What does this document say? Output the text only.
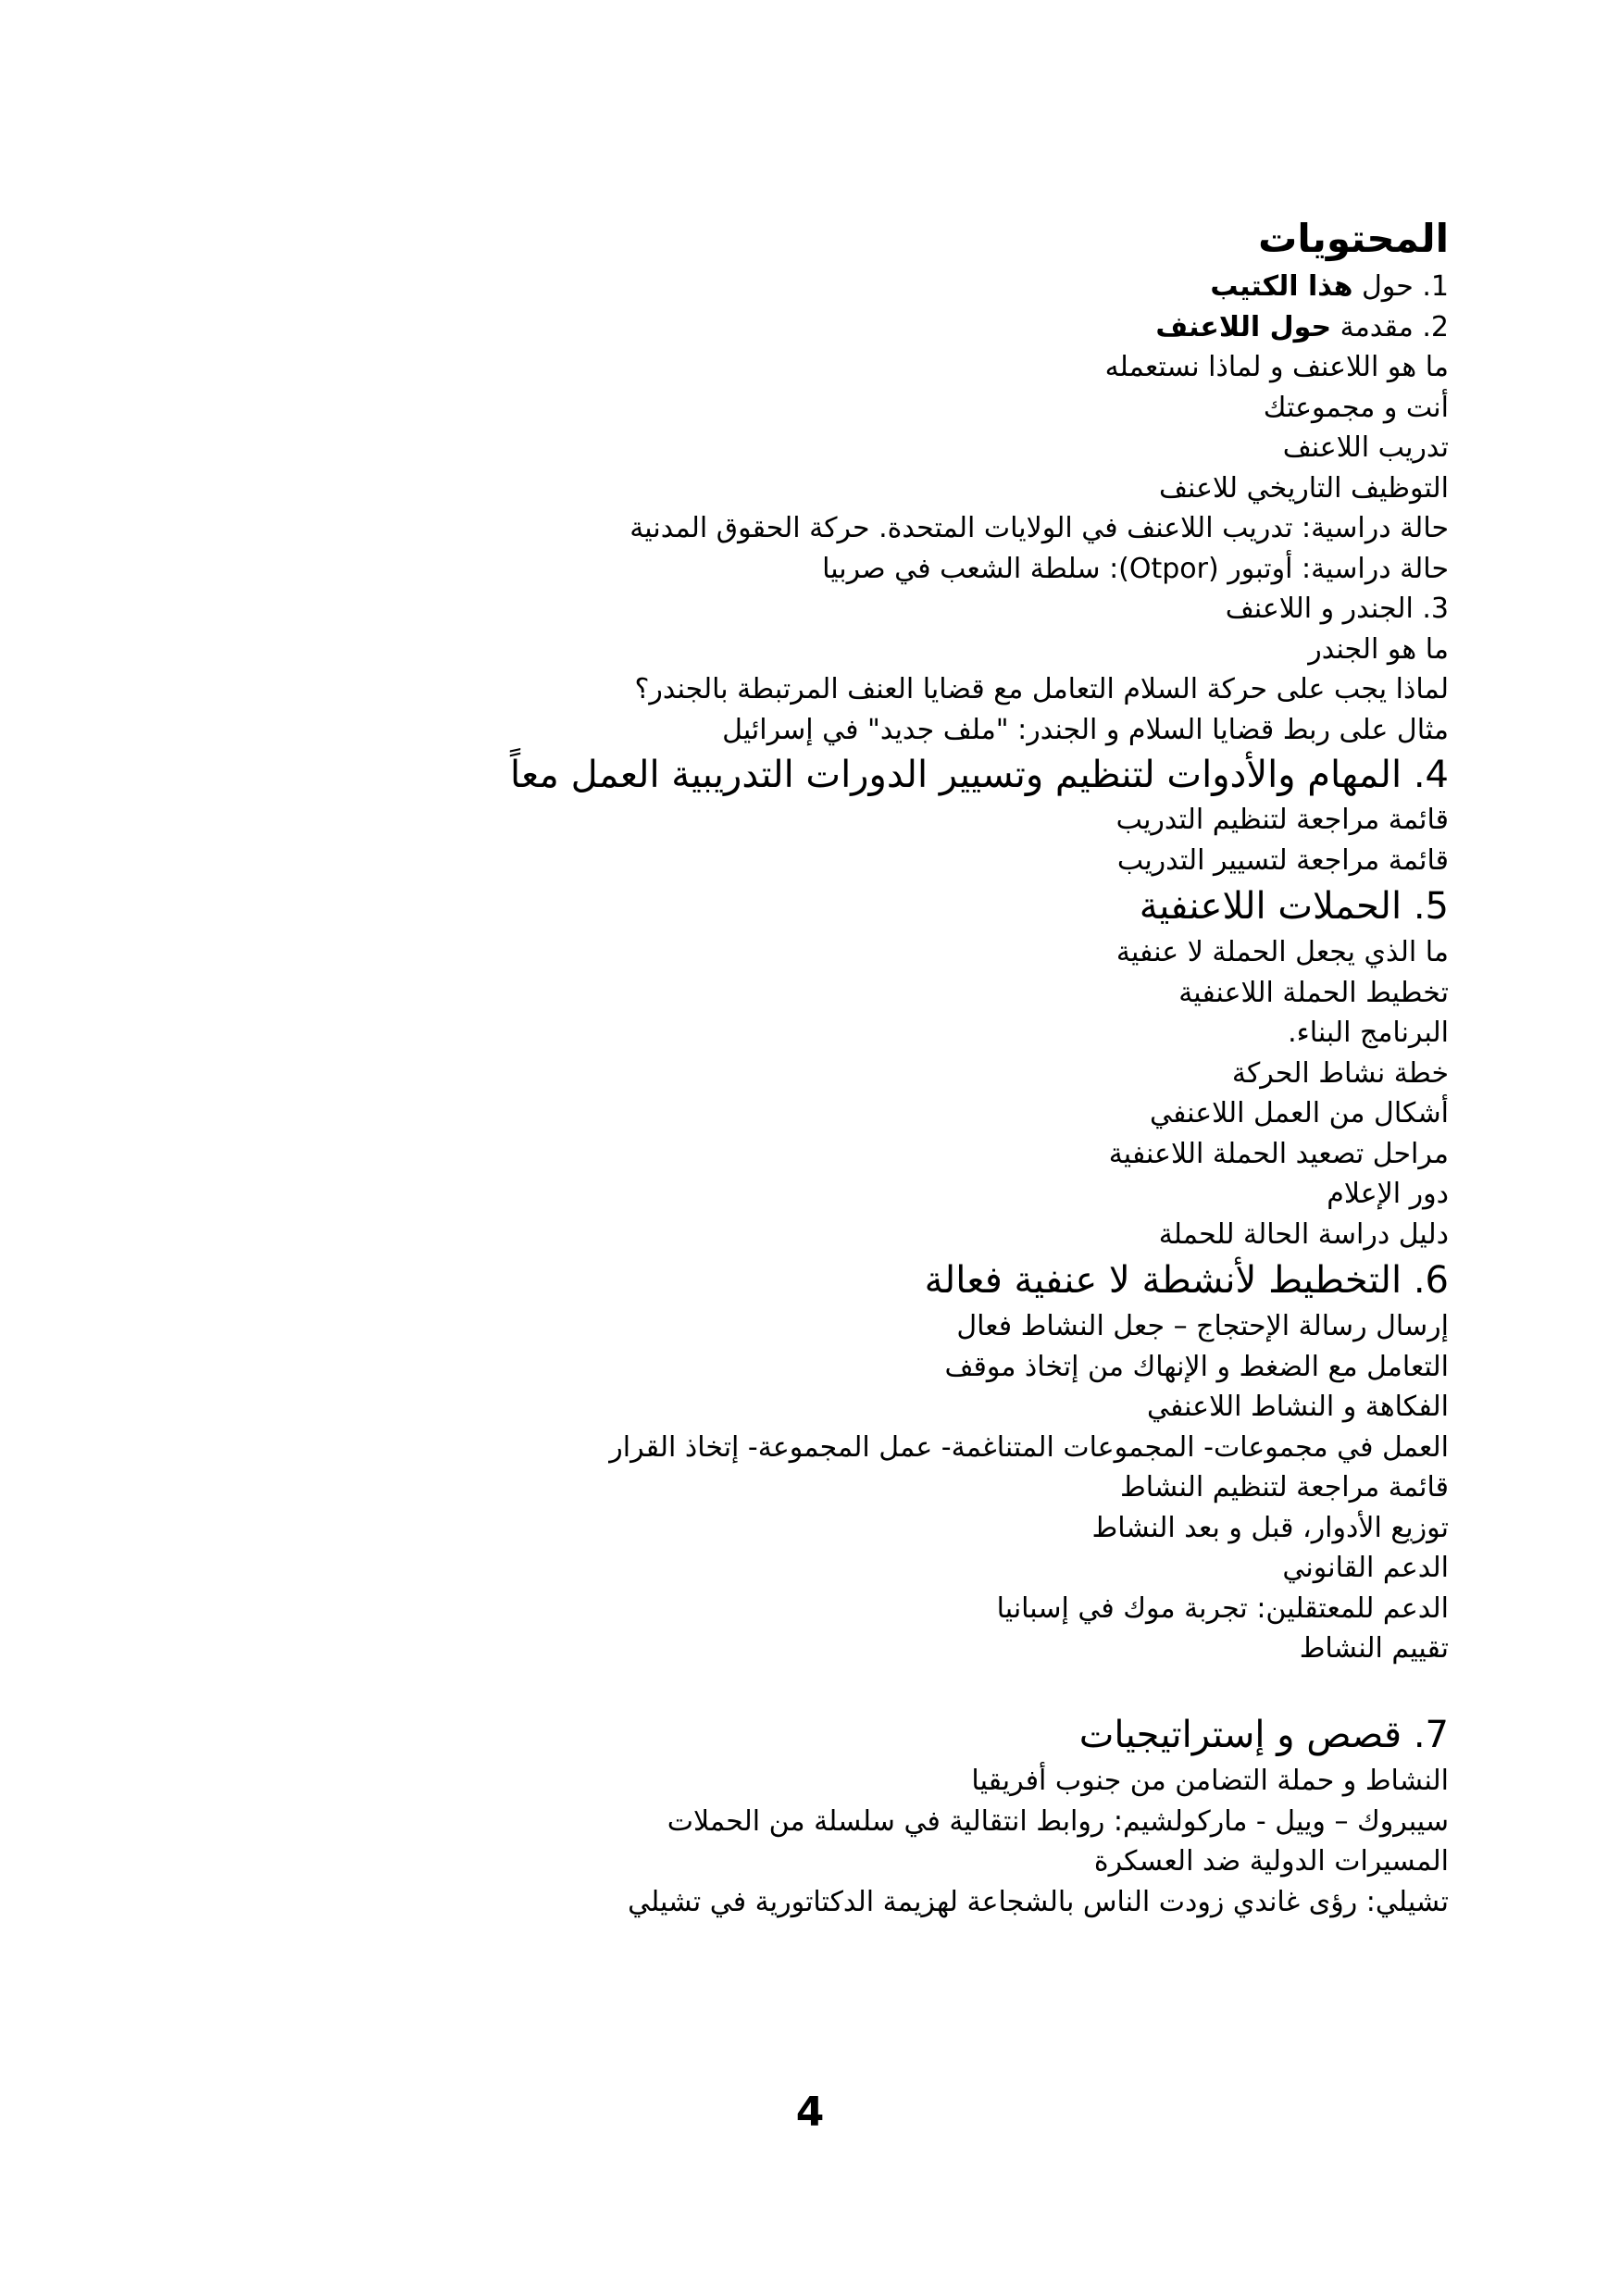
المحتويات
1. حول هذا الكتيب
2. مقدمة حول اللاعنف
ما هو اللاعنف و لماذا نستعمله
أنت و مجموعتك
تدريب اللاعنف
التوظيف التاريخي للاعنف
حالة دراسية: تدريب اللاعنف في الولايات المتحدة. حركة الحقوق المدنية
حالة دراسية: أوتبور (Otpor): سلطة الشعب في صربيا
3. الجندر و اللاعنف
ما هو الجندر
لماذا يجب على حركة السلام التعامل مع قضايا العنف المرتبطة بالجندر؟
مثال على ربط قضايا السلام و الجندر: "ملف جديد" في إسرائيل
4. المهام والأدوات لتنظيم وتسيير الدورات التدريبية العمل معاً
قائمة مراجعة لتنظيم التدريب
قائمة مراجعة لتسيير التدريب
5. الحملات اللاعنفية
ما الذي يجعل الحملة لا عنفية
تخطيط الحملة اللاعنفية
البرنامج البناء.
خطة نشاط الحركة
أشكال من العمل اللاعنفي
مراحل تصعيد الحملة اللاعنفية
دور الإعلام
دليل دراسة الحالة للحملة
6. التخطيط لأنشطة لا عنفية فعالة
إرسال رسالة الإحتجاج – جعل النشاط فعال
التعامل مع الضغط و الإنهاك من إتخاذ موقف
الفكاهة و النشاط اللاعنفي
العمل في مجموعات- المجموعات المتناغمة- عمل المجموعة- إتخاذ القرار
قائمة مراجعة لتنظيم النشاط
توزيع الأدوار، قبل و بعد النشاط
الدعم القانوني
الدعم للمعتقلين: تجربة موك في إسبانيا
تقييم النشاط
7. قصص و إستراتيجيات
النشاط و حملة التضامن من جنوب أفريقيا
سيبروك – وييل - ماركولشيم: روابط انتقالية في سلسلة من الحملات
المسيرات الدولية ضد العسكرة
تشيلي: رؤى غاندي زودت الناس بالشجاعة لهزيمة الدكتاتورية في تشيلي
4
